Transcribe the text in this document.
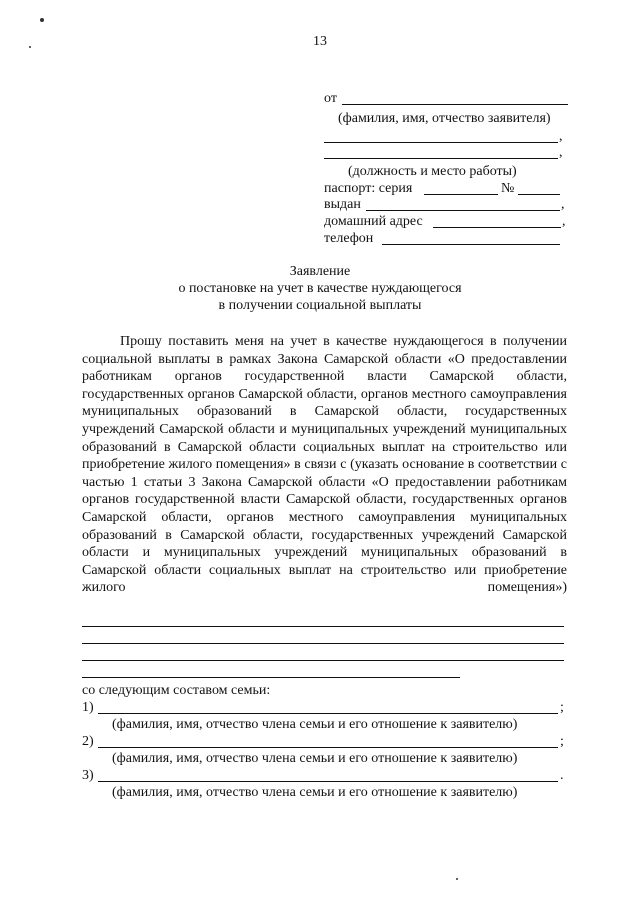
13
от
(фамилия, имя, отчество заявителя)
,
,
(должность и место работы)
паспорт: серия	№
выдан	,
домашний адрес	,
телефон
Заявление
о постановке на учет в качестве нуждающегося
в получении социальной выплаты

Прошу поставить меня на учет в качестве нуждающегося в получении социальной выплаты в рамках Закона Самарской области «О предоставлении работникам органов государственной власти Самарской области, государственных органов Самарской области, органов местного самоуправления муниципальных образований в Самарской области, государственных учреждений Самарской области и муниципальных учреждений муниципальных образований в Самарской области социальных выплат на строительство или приобретение жилого помещения» в связи с (указать основание в соответствии с частью 1 статьи 3 Закона Самарской области «О предоставлении работникам органов государственной власти Самарской области, государственных органов Самарской области, органов местного самоуправления муниципальных образований в Самарской области, государственных учреждений Самарской области и муниципальных учреждений муниципальных образований в Самарской области социальных выплат на строительство или приобретение жилого помещения»)

со следующим составом семьи:
1)	;
(фамилия, имя, отчество члена семьи и его отношение к заявителю)
2)	;
(фамилия, имя, отчество члена семьи и его отношение к заявителю)
3)	.
(фамилия, имя, отчество члена семьи и его отношение к заявителю)
